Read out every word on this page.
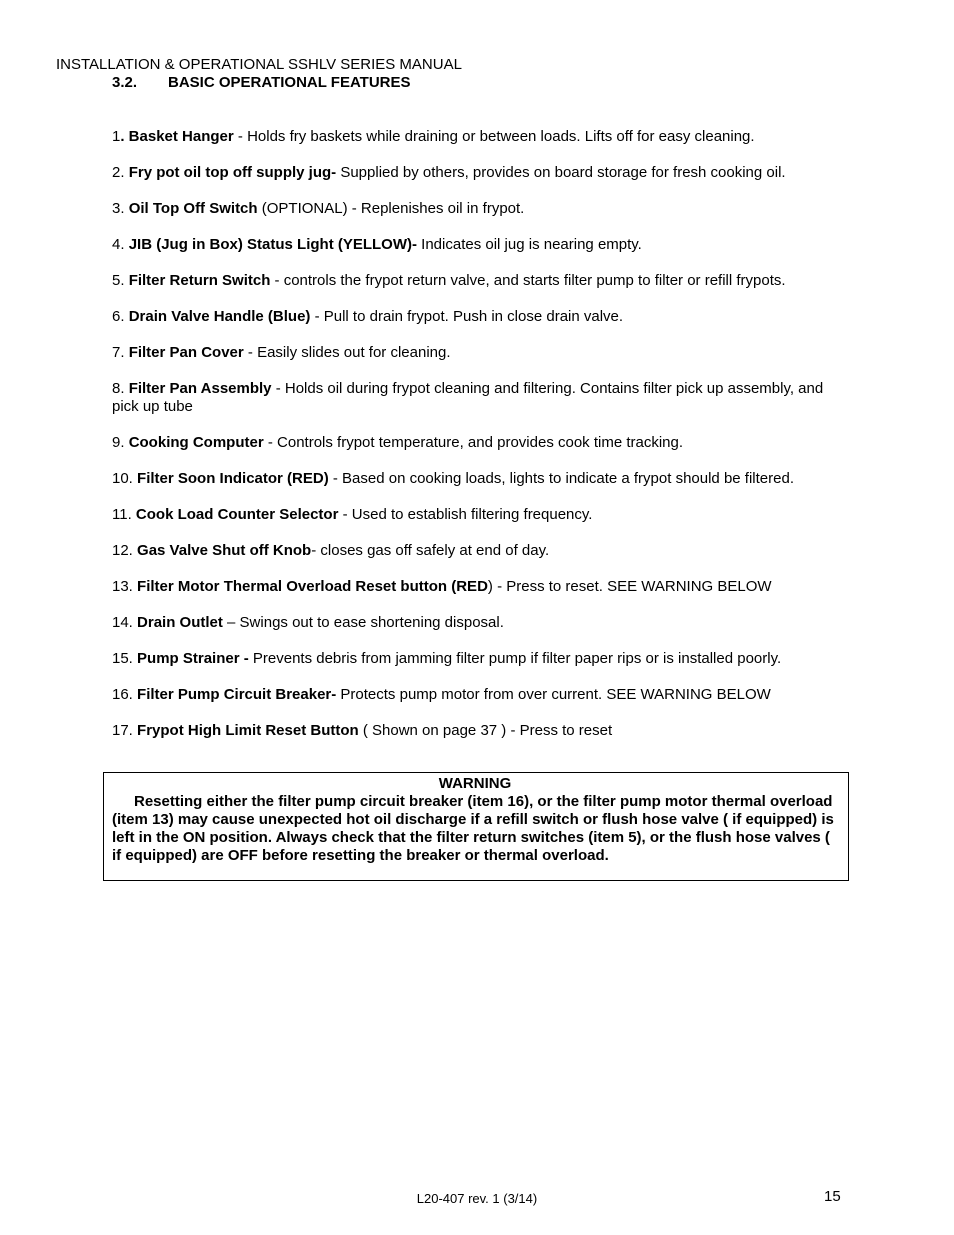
INSTALLATION & OPERATIONAL SSHLV SERIES MANUAL
3.2. BASIC OPERATIONAL FEATURES
1. Basket Hanger - Holds fry baskets while draining or between loads. Lifts off for easy cleaning.
2. Fry pot oil top off supply jug- Supplied by others, provides on board storage for fresh cooking oil.
3. Oil Top Off Switch (OPTIONAL) - Replenishes oil in frypot.
4. JIB (Jug in Box) Status Light (YELLOW)- Indicates oil jug is nearing empty.
5. Filter Return Switch - controls the frypot return valve, and starts filter pump to filter or refill frypots.
6. Drain Valve Handle (Blue) - Pull to drain frypot. Push in close drain valve.
7. Filter Pan Cover - Easily slides out for cleaning.
8. Filter Pan Assembly - Holds oil during frypot cleaning and filtering. Contains filter pick up assembly, and pick up tube
9. Cooking Computer - Controls frypot temperature, and provides cook time tracking.
10. Filter Soon Indicator (RED) - Based on cooking loads, lights to indicate a frypot should be filtered.
11. Cook Load Counter Selector - Used to establish filtering frequency.
12. Gas Valve Shut off Knob- closes gas off safely at end of day.
13. Filter Motor Thermal Overload Reset button (RED) - Press to reset. SEE WARNING BELOW
14. Drain Outlet – Swings out to ease shortening disposal.
15. Pump Strainer - Prevents debris from jamming filter pump if filter paper rips or is installed poorly.
16. Filter Pump Circuit Breaker- Protects pump motor from over current. SEE WARNING BELOW
17. Frypot High Limit Reset Button ( Shown on page 37 ) - Press to reset
WARNING
Resetting either the filter pump circuit breaker (item 16), or the filter pump motor thermal overload (item 13) may cause unexpected hot oil discharge if a refill switch or flush hose valve ( if equipped) is left in the ON position. Always check that the filter return switches (item 5), or the flush hose valves ( if equipped) are OFF before resetting the breaker or thermal overload.
L20-407 rev. 1 (3/14)	15
